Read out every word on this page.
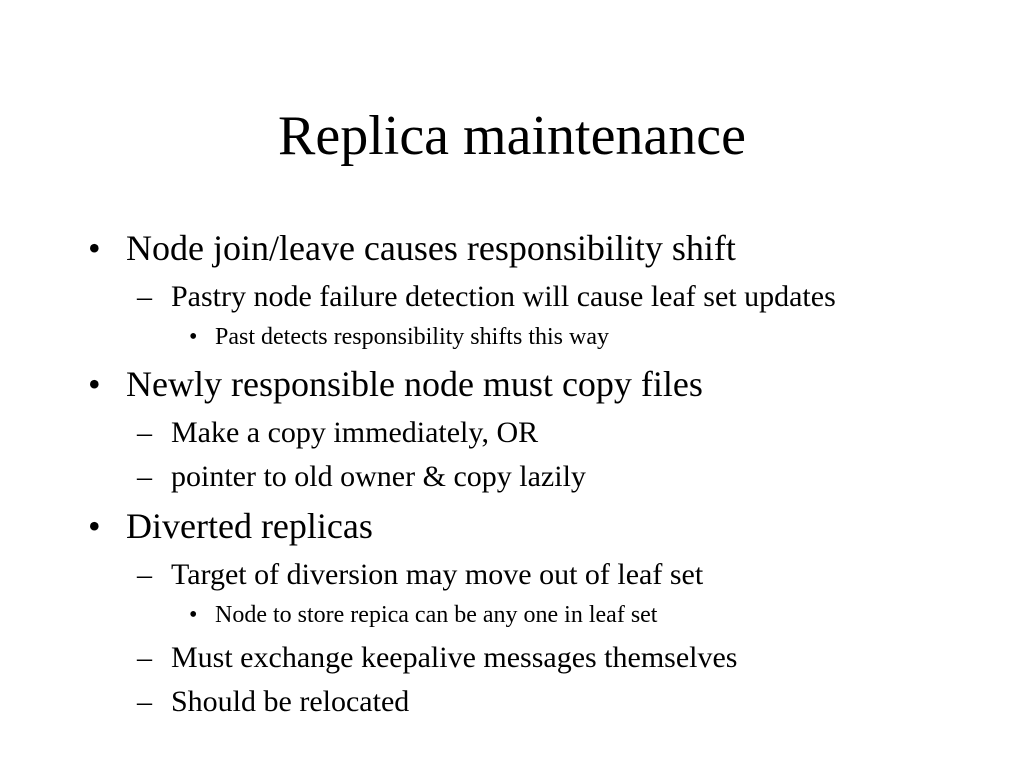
Replica maintenance
• Node join/leave causes responsibility shift
– Pastry node failure detection will cause leaf set updates
• Past detects responsibility shifts this way
• Newly responsible node must copy files
– Make a copy immediately, OR
– pointer to old owner & copy lazily
• Diverted replicas
– Target of diversion may move out of leaf set
• Node to store repica can be any one in leaf set
– Must exchange keepalive messages themselves
– Should be relocated
